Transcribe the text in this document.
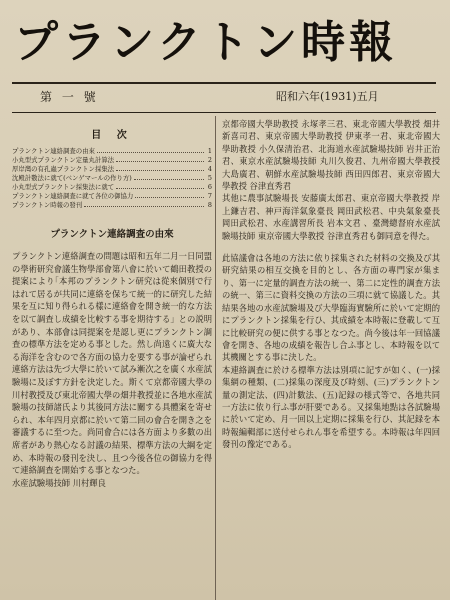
プランクトン時報
第 一 號	昭和六年(1931)五月
目 次
プランクトン連絡調査の由來	1
小丸型式プランクトン定量丸計算法	2
厚岸灣の有孔蟲プランクトン採集法	4
沈殿計數法に就て(ベンゲマールの作り方)	5
小丸型式プランクトン採集法に就て	6
プランクトン連絡調査に就て各位の御協力	7
プランクトン時報の發刊	8
プランクトン連絡調査の由來

プランクトン連絡調査の問題は昭和五年二月一日同盟の學術研究會議生物學部會第八會に於いて鶴田教授の提案により｢本邦のプランクトン研究は從來個別で行はれて居るが共同に連絡を保ちて統一的に研究した結果を互に知り得られる樣に連絡會を開き統一的な方法を以て調査し成績を比較する事を期待する」との説明があり、本部會は同提案を是認し更にプランクトン調査の標準方法を定める事とした。然し尚遠くに廣大なる海洋を含むので各方面の協力を要する事が論ぜられ連絡方法は先づ大學に於いて試み漸次之を廣く水産試驗場に及ぼす方針を決定した。斯くて京都帝國大學の川村教授及び東北帝國大學の畑井教授並に各地水産試驗場の技師諸氏より其後同方法に關する具體案を寄せられ、本年四月京都に於いて第二回の會合を開き之を審議するに至つた。尚同會合には各方面より多數の出席者があり熱心なる討議の結果、標準方法の大綱を定め、本時報の發刊を決し、且つ今後各位の御協力を得て連絡調査を開始する事となつた。

水産試驗場技師 川村輝良

京都帝國大學助教授 永塚孝三君、東北帝國大學教授 畑井新喜司君、東京帝國大學助教授 伊東孝一君、東北帝國大學助教授 小久保清治君、北海道水産試驗場技師 岩井正治君、東京水産試驗場技師 丸川久俊君、九州帝國大學教授 大島廣君、朝鮮水産試驗場技師 西田四郎君、東京帝國大學教授 谷津直秀君

其他に農事試驗場長 安藤廣太郎君、東京帝國大學教授 岸上鎌吉君、神戸海洋氣象臺長 岡田武松君、中央氣象臺長 岡田武松君、水産講習所長 岩本文君 、臺灣總督府水産試驗場技師 東京帝國大學教授 谷津直秀君も御同意を得た。

此協議會は各地の方法に依り採集された材料の交換及び其研究結果の相互交換を目的とし、各方面の專門家が集まり、第一に定量的調査方法の統一、第二に定性的調査方法の統一、第三に資料交換の方法の三項に就て協議した。其結果各地の水産試驗場及び大學臨海實驗所に於いて定期的にプランクトン採集を行ひ、其成績を本時報に登載して互に比較研究の便に供する事となつた。尚今後は年一回協議會を開き、各地の成績を報告し合ふ事とし、本時報を以て其機關とする事に決した。

本連絡調査に於ける標準方法は別項に記すが如く、(一)採集網の種類、(二)採集の深度及び時刻、(三)プランクトン量の測定法、(四)計數法、(五)記録の様式等で、各地共同一方法に依り行ふ事が肝要である。又採集地點は各試驗場に於いて定め、月一回以上定期に採集を行ひ、其記録を本時報編輯部に送付せられん事を希望する。本時報は年四回發刊の豫定である。
